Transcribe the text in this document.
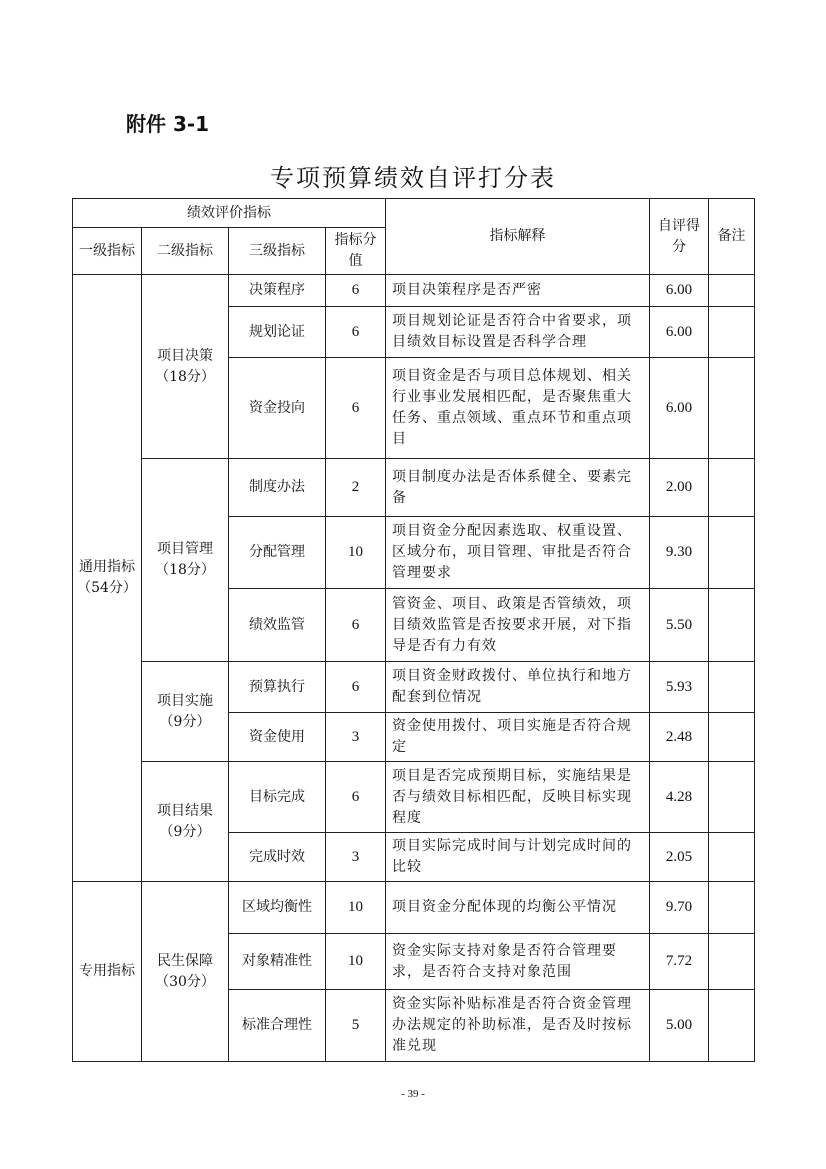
附件 3-1
专项预算绩效自评打分表
绩效评价指标				指标解释	自评得分	备注
一级指标	二级指标	三级指标	指标分值			
通用指标（54分）	项目决策（18分）	决策程序	6	项目决策程序是否严密	6.00	
		规划论证	6	项目规划论证是否符合中省要求，项目绩效目标设置是否科学合理	6.00	
		资金投向	6	项目资金是否与项目总体规划、相关行业事业发展相匹配，是否聚焦重大任务、重点领域、重点环节和重点项目	6.00	
	项目管理（18分）	制度办法	2	项目制度办法是否体系健全、要素完备	2.00	
		分配管理	10	项目资金分配因素选取、权重设置、区域分布，项目管理、审批是否符合管理要求	9.30	
		绩效监管	6	管资金、项目、政策是否管绩效，项目绩效监管是否按要求开展，对下指导是否有力有效	5.50	
	项目实施（9分）	预算执行	6	项目资金财政拨付、单位执行和地方配套到位情况	5.93	
		资金使用	3	资金使用拨付、项目实施是否符合规定	2.48	
	项目结果（9分）	目标完成	6	项目是否完成预期目标，实施结果是否与绩效目标相匹配，反映目标实现程度	4.28	
		完成时效	3	项目实际完成时间与计划完成时间的比较	2.05	
专用指标	民生保障（30分）	区域均衡性	10	项目资金分配体现的均衡公平情况	9.70	
		对象精准性	10	资金实际支持对象是否符合管理要求，是否符合支持对象范围	7.72	
		标准合理性	5	资金实际补贴标准是否符合资金管理办法规定的补助标准，是否及时按标准兑现	5.00	
- 39 -
